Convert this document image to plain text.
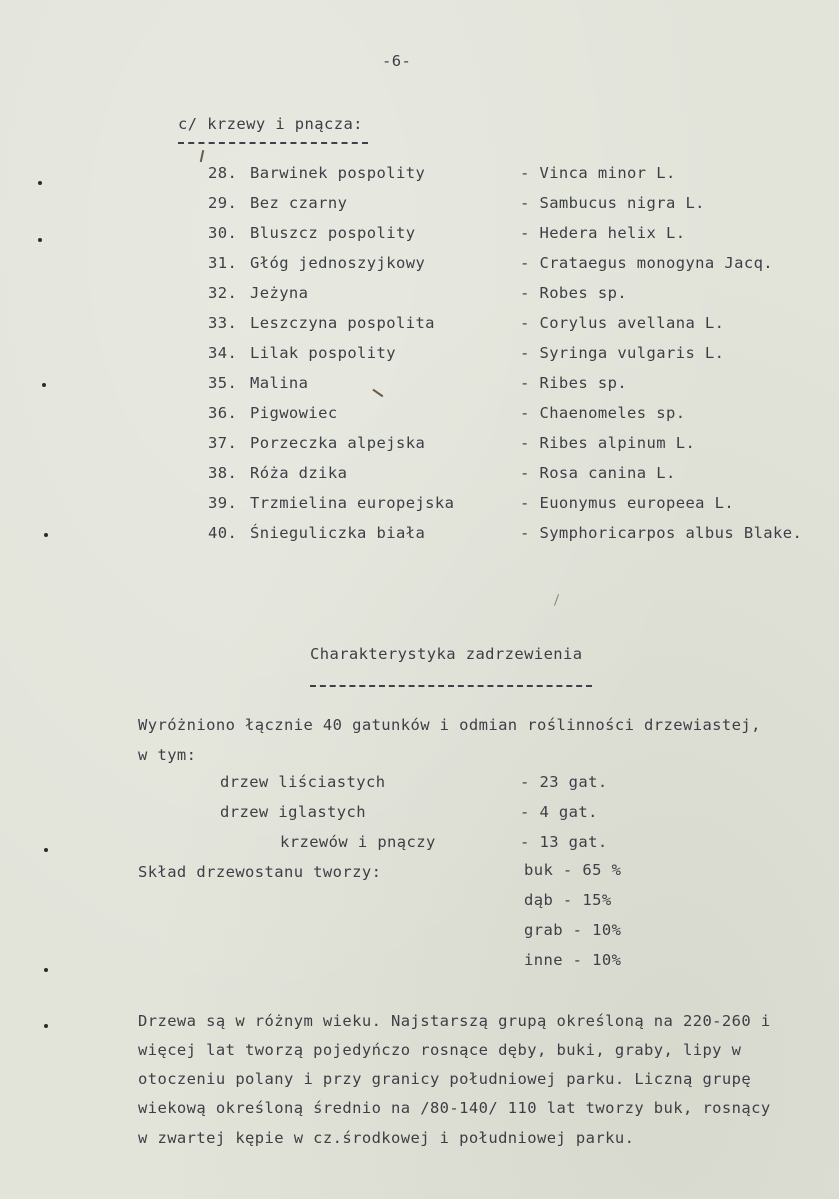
-6-
c/ krzewy i pnącza:
28. Barwinek pospolity	- Vinca minor L.
29. Bez czarny	- Sambucus nigra L.
30. Bluszcz pospolity	- Hedera helix L.
31. Głóg jednoszyjkowy	- Crataegus monogyna Jacq.
32. Jeżyna	- Robes sp.
33. Leszczyna pospolita	- Corylus avellana L.
34. Lilak pospolity	- Syringa vulgaris L.
35. Malina	- Ribes sp.
36. Pigwowiec	- Chaenomeles sp.
37. Porzeczka alpejska	- Ribes alpinum L.
38. Róża dzika	- Rosa canina L.
39. Trzmielina europejska	- Euonymus europeea L.
40. Śnieguliczka biała	- Symphoricarpos albus Blake.
Charakterystyka zadrzewienia
Wyróżniono łącznie 40 gatunków i odmian roślinności drzewiastej,
w tym:
drzew liściastych	- 23 gat.
drzew iglastych	- 4 gat.
krzewów i pnączy	- 13 gat.
Skład drzewostanu tworzy:	buk - 65 %
dąb - 15%
grab - 10%
inne - 10%
Drzewa są w różnym wieku. Najstarszą grupą określoną na 220-260 i
więcej lat tworzą pojedyńczo rosnące dęby, buki, graby, lipy w
otoczeniu polany i przy granicy południowej parku. Liczną grupę
wiekową określoną średnio na /80-140/ 110 lat tworzy buk, rosnący
w zwartej kępie w cz.środkowej i południowej parku.
